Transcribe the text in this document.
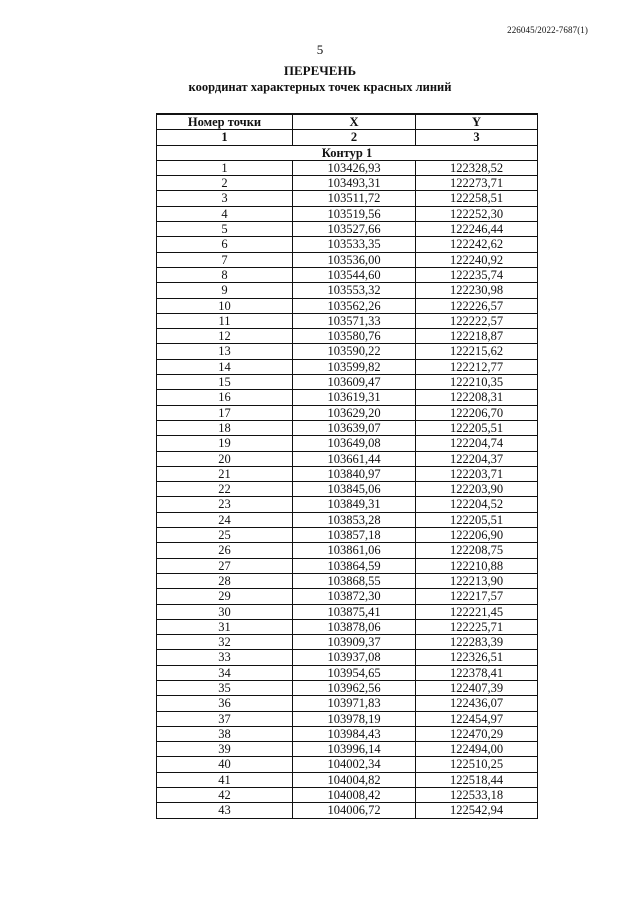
226045/2022-7687(1)
5
ПЕРЕЧЕНЬ
координат характерных точек красных линий
Номер точки	X	Y
1	2	3
Контур 1		
1	103426,93	122328,52
2	103493,31	122273,71
3	103511,72	122258,51
4	103519,56	122252,30
5	103527,66	122246,44
6	103533,35	122242,62
7	103536,00	122240,92
8	103544,60	122235,74
9	103553,32	122230,98
10	103562,26	122226,57
11	103571,33	122222,57
12	103580,76	122218,87
13	103590,22	122215,62
14	103599,82	122212,77
15	103609,47	122210,35
16	103619,31	122208,31
17	103629,20	122206,70
18	103639,07	122205,51
19	103649,08	122204,74
20	103661,44	122204,37
21	103840,97	122203,71
22	103845,06	122203,90
23	103849,31	122204,52
24	103853,28	122205,51
25	103857,18	122206,90
26	103861,06	122208,75
27	103864,59	122210,88
28	103868,55	122213,90
29	103872,30	122217,57
30	103875,41	122221,45
31	103878,06	122225,71
32	103909,37	122283,39
33	103937,08	122326,51
34	103954,65	122378,41
35	103962,56	122407,39
36	103971,83	122436,07
37	103978,19	122454,97
38	103984,43	122470,29
39	103996,14	122494,00
40	104002,34	122510,25
41	104004,82	122518,44
42	104008,42	122533,18
43	104006,72	122542,94
